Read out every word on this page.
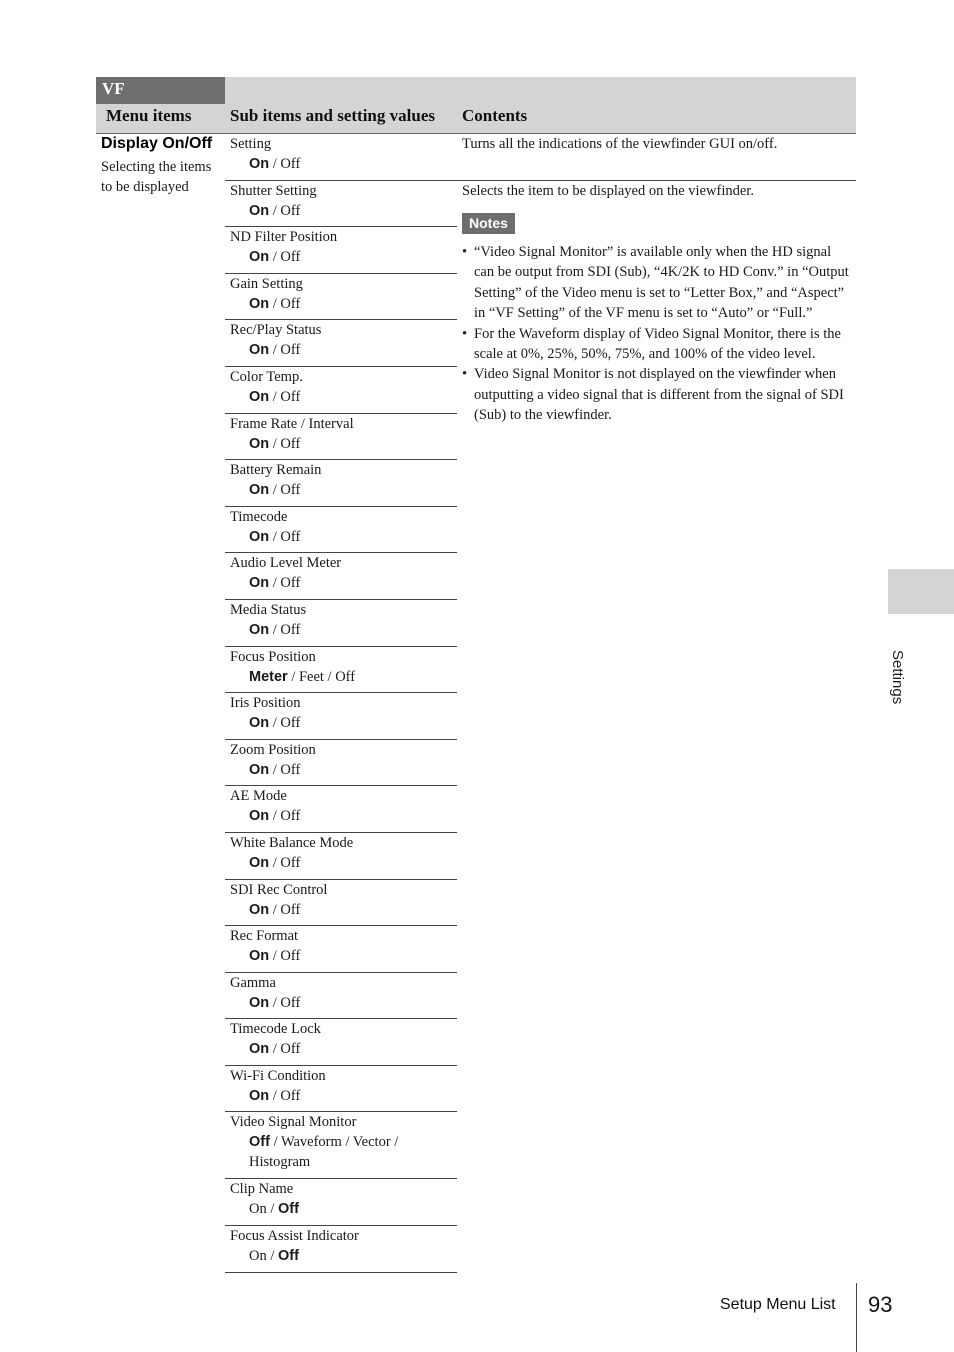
VF
Menu items Sub items and setting values Contents
Display On/Off
Selecting the items to be displayed
Setting
On / Off
Shutter Setting
On / Off
ND Filter Position
On / Off
Gain Setting
On / Off
Rec/Play Status
On / Off
Color Temp.
On / Off
Frame Rate / Interval
On / Off
Battery Remain
On / Off
Timecode
On / Off
Audio Level Meter
On / Off
Media Status
On / Off
Focus Position
Meter / Feet / Off
Iris Position
On / Off
Zoom Position
On / Off
AE Mode
On / Off
White Balance Mode
On / Off
SDI Rec Control
On / Off
Rec Format
On / Off
Gamma
On / Off
Timecode Lock
On / Off
Wi-Fi Condition
On / Off
Video Signal Monitor
Off / Waveform / Vector / Histogram
Clip Name
On / Off
Focus Assist Indicator
On / Off
Turns all the indications of the viewfinder GUI on/off.
Selects the item to be displayed on the viewfinder.
Notes
• “Video Signal Monitor” is available only when the HD signal can be output from SDI (Sub), “4K/2K to HD Conv.” in “Output Setting” of the Video menu is set to “Letter Box,” and “Aspect” in “VF Setting” of the VF menu is set to “Auto” or “Full.”
• For the Waveform display of Video Signal Monitor, there is the scale at 0%, 25%, 50%, 75%, and 100% of the video level.
• Video Signal Monitor is not displayed on the viewfinder when outputting a video signal that is different from the signal of SDI (Sub) to the viewfinder.
Settings
Setup Menu List 93
